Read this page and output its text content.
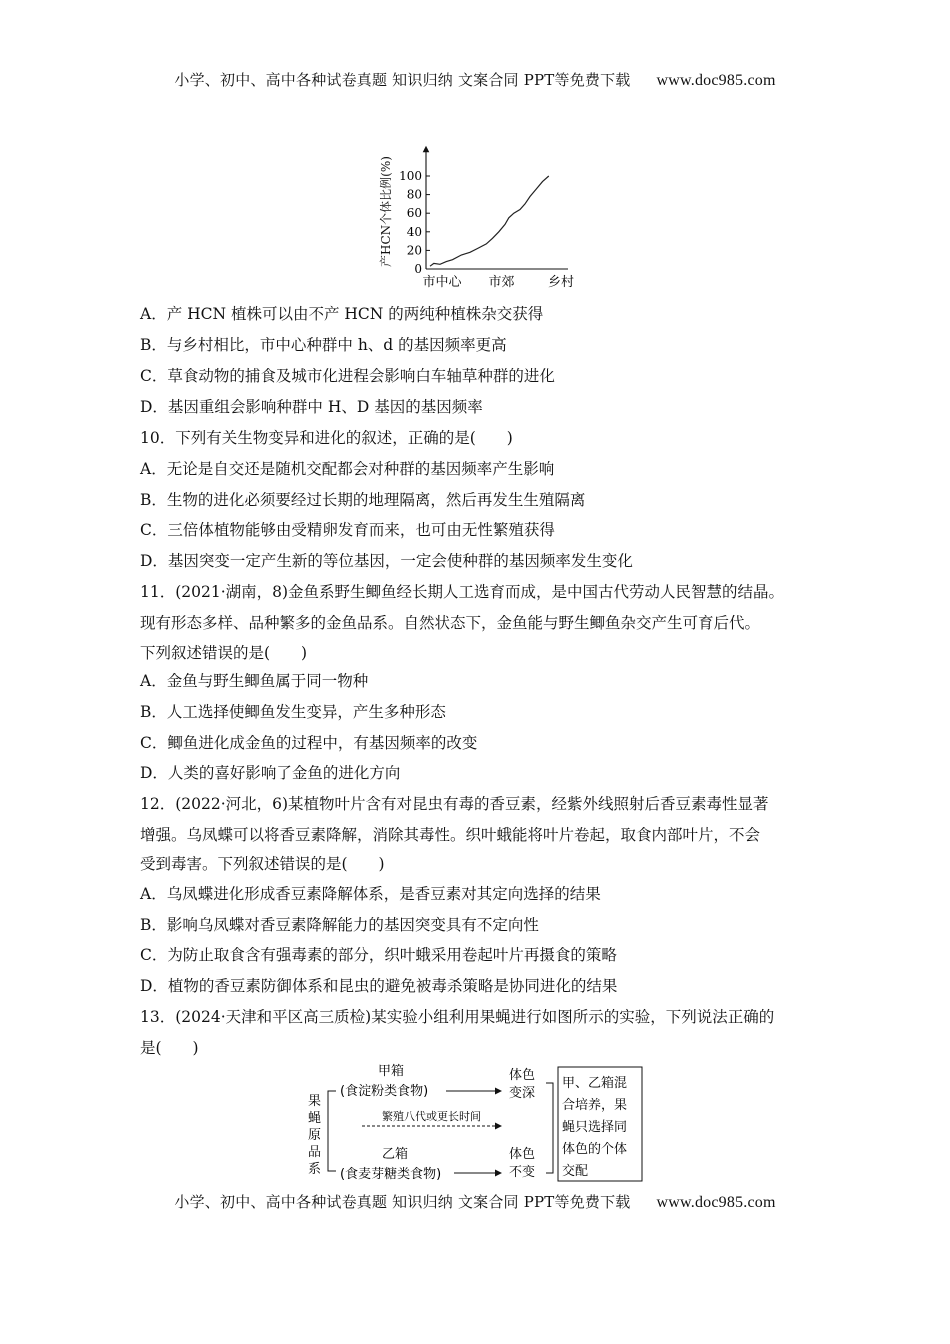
小学、初中、高中各种试卷真题 知识归纳 文案合同 PPT等免费下载 www.doc985.com
产HCN个体比例(%)
0
20
40
60
80
100
市中心 市郊	乡村
A．产 HCN 植株可以由不产 HCN 的两纯种植株杂交获得
B．与乡村相比，市中心种群中 h、d 的基因频率更高
C．草食动物的捕食及城市化进程会影响白车轴草种群的进化
D．基因重组会影响种群中 H、D 基因的基因频率
10．下列有关生物变异和进化的叙述，正确的是(　　)
A．无论是自交还是随机交配都会对种群的基因频率产生影响
B．生物的进化必须要经过长期的地理隔离，然后再发生生殖隔离
C．三倍体植物能够由受精卵发育而来，也可由无性繁殖获得
D．基因突变一定产生新的等位基因，一定会使种群的基因频率发生变化
11．(2021·湖南，8)金鱼系野生鲫鱼经长期人工选育而成，是中国古代劳动人民智慧的结晶。
现有形态多样、品种繁多的金鱼品系。自然状态下，金鱼能与野生鲫鱼杂交产生可育后代。
下列叙述错误的是(　　)
A．金鱼与野生鲫鱼属于同一物种
B．人工选择使鲫鱼发生变异，产生多种形态
C．鲫鱼进化成金鱼的过程中，有基因频率的改变
D．人类的喜好影响了金鱼的进化方向
12．(2022·河北，6)某植物叶片含有对昆虫有毒的香豆素，经紫外线照射后香豆素毒性显著
增强。乌凤蝶可以将香豆素降解，消除其毒性。织叶蛾能将叶片卷起，取食内部叶片，不会
受到毒害。下列叙述错误的是(　　)
A．乌凤蝶进化形成香豆素降解体系，是香豆素对其定向选择的结果
B．影响乌凤蝶对香豆素降解能力的基因突变具有不定向性
C．为防止取食含有强毒素的部分，织叶蛾采用卷起叶片再摄食的策略
D．植物的香豆素防御体系和昆虫的避免被毒杀策略是协同进化的结果
13．(2024·天津和平区高三质检)某实验小组利用果蝇进行如图所示的实验，下列说法正确的
是(　　)
果
蝇
原
品
系
甲箱
(食淀粉类食物)
体色
变深
繁殖八代或更长时间
乙箱
(食麦芽糖类食物)
体色
不变
甲、乙箱混
合培养，果
蝇只选择同
体色的个体
交配
小学、初中、高中各种试卷真题 知识归纳 文案合同 PPT等免费下载 www.doc985.com
